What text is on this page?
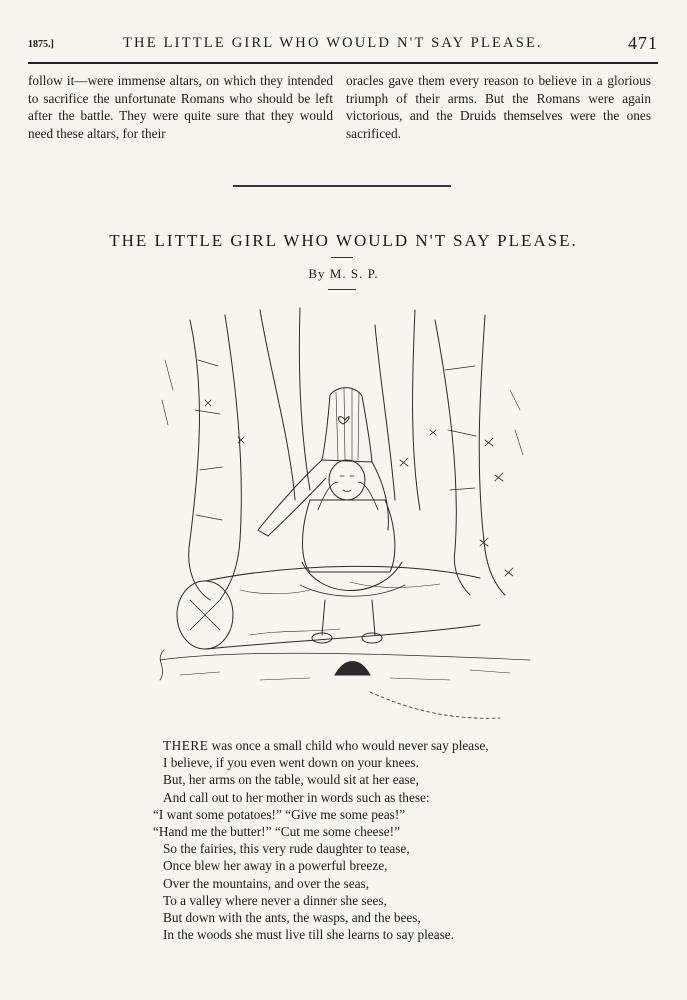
1875.]	THE LITTLE GIRL WHO WOULD N'T SAY PLEASE.	471

follow it—were immense altars, on which they intended to sacrifice the unfortunate Romans who should be left after the battle. They were quite sure that they would need these altars, for their

oracles gave them every reason to believe in a glorious triumph of their arms. But the Romans were again victorious, and the Druids themselves were the ones sacrificed.

THE LITTLE GIRL WHO WOULD N'T SAY PLEASE.
By M. S. P.
THERE was once a small child who would never say please,
I believe, if you even went down on your knees.
But, her arms on the table, would sit at her ease,
And call out to her mother in words such as these:
“I want some potatoes!” “Give me some peas!”
“Hand me the butter!” “Cut me some cheese!”
So the fairies, this very rude daughter to tease,
Once blew her away in a powerful breeze,
Over the mountains, and over the seas,
To a valley where never a dinner she sees,
But down with the ants, the wasps, and the bees,
In the woods she must live till she learns to say please.
